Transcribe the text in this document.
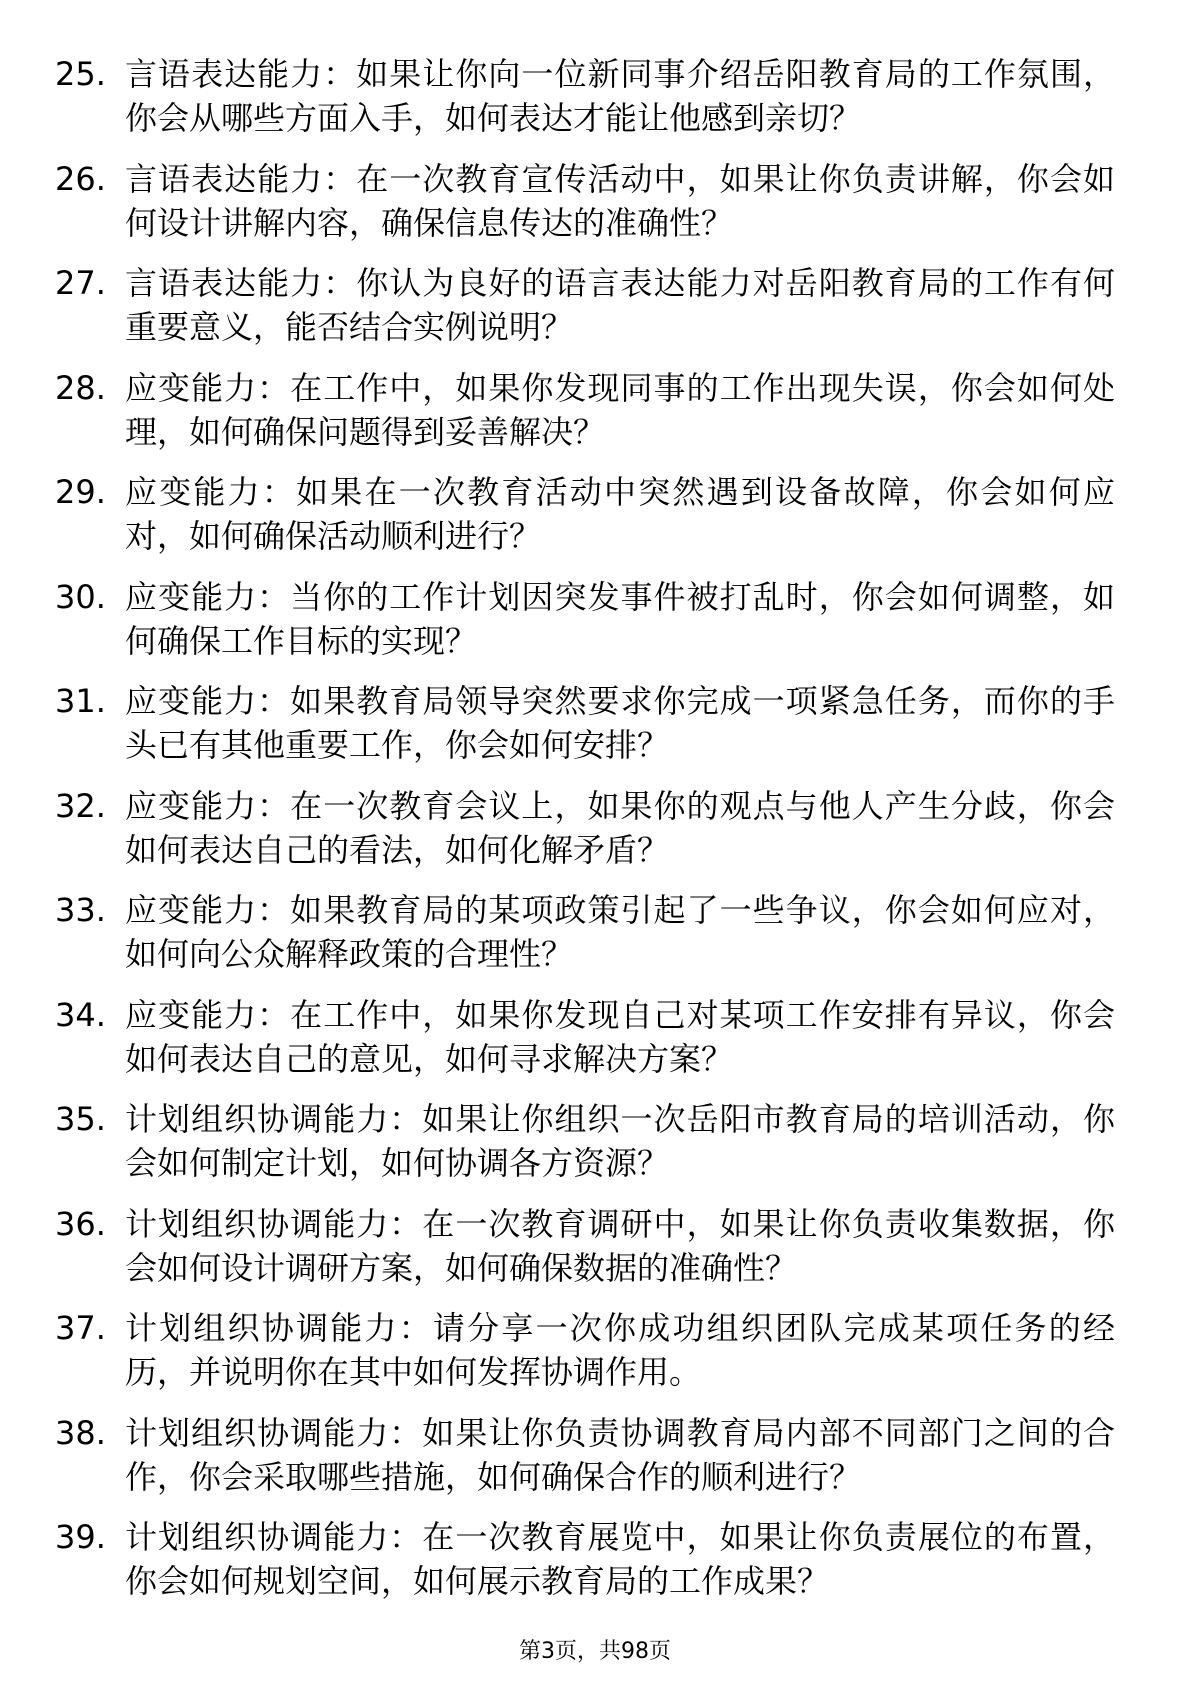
25. 言语表达能力：如果让你向一位新同事介绍岳阳教育局的工作氛围，你会从哪些方面入手，如何表达才能让他感到亲切？
26. 言语表达能力：在一次教育宣传活动中，如果让你负责讲解，你会如何设计讲解内容，确保信息传达的准确性？
27. 言语表达能力：你认为良好的语言表达能力对岳阳教育局的工作有何重要意义，能否结合实例说明？
28. 应变能力：在工作中，如果你发现同事的工作出现失误，你会如何处理，如何确保问题得到妥善解决？
29. 应变能力：如果在一次教育活动中突然遇到设备故障，你会如何应对，如何确保活动顺利进行？
30. 应变能力：当你的工作计划因突发事件被打乱时，你会如何调整，如何确保工作目标的实现？
31. 应变能力：如果教育局领导突然要求你完成一项紧急任务，而你的手头已有其他重要工作，你会如何安排？
32. 应变能力：在一次教育会议上，如果你的观点与他人产生分歧，你会如何表达自己的看法，如何化解矛盾？
33. 应变能力：如果教育局的某项政策引起了一些争议，你会如何应对，如何向公众解释政策的合理性？
34. 应变能力：在工作中，如果你发现自己对某项工作安排有异议，你会如何表达自己的意见，如何寻求解决方案？
35. 计划组织协调能力：如果让你组织一次岳阳市教育局的培训活动，你会如何制定计划，如何协调各方资源？
36. 计划组织协调能力：在一次教育调研中，如果让你负责收集数据，你会如何设计调研方案，如何确保数据的准确性？
37. 计划组织协调能力：请分享一次你成功组织团队完成某项任务的经历，并说明你在其中如何发挥协调作用。
38. 计划组织协调能力：如果让你负责协调教育局内部不同部门之间的合作，你会采取哪些措施，如何确保合作的顺利进行？
39. 计划组织协调能力：在一次教育展览中，如果让你负责展位的布置，你会如何规划空间，如何展示教育局的工作成果？
第3页，共98页
